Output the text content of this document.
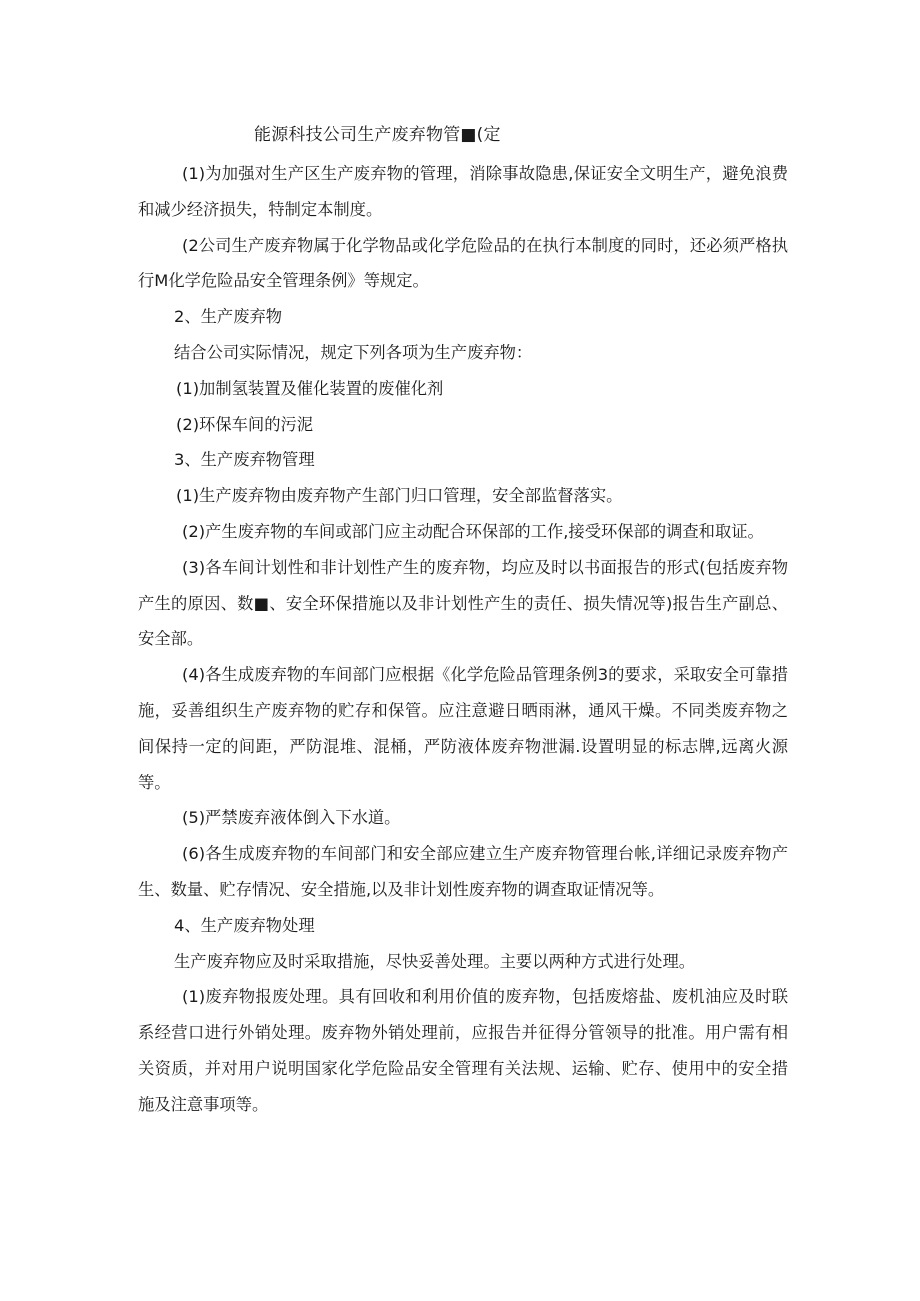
能源科技公司生产废弃物管■(定

(1)为加强对生产区生产废弃物的管理，消除事故隐患,保证安全文明生产，避免浪费和减少经济损失，特制定本制度。

(2公司生产废弃物属于化学物品或化学危险品的在执行本制度的同时，还必须严格执行M化学危险品安全管理条例》等规定。

2、生产废弃物

结合公司实际情况，规定下列各项为生产废弃物：

(1)加制氢装置及催化装置的废催化剂

(2)环保车间的污泥

3、生产废弃物管理

(1)生产废弃物由废弃物产生部门归口管理，安全部监督落实。

(2)产生废弃物的车间或部门应主动配合环保部的工作,接受环保部的调查和取证。

(3)各车间计划性和非计划性产生的废弃物，均应及时以书面报告的形式(包括废弃物产生的原因、数■、安全环保措施以及非计划性产生的责任、损失情况等)报告生产副总、安全部。

(4)各生成废弃物的车间部门应根据《化学危险品管理条例3的要求，采取安全可靠措施，妥善组织生产废弃物的贮存和保管。应注意避日晒雨淋，通风干燥。不同类废弃物之间保持一定的间距，严防混堆、混桶，严防液体废弃物泄漏.设置明显的标志牌,远离火源等。

(5)严禁废弃液体倒入下水道。

(6)各生成废弃物的车间部门和安全部应建立生产废弃物管理台帐,详细记录废弃物产生、数量、贮存情况、安全措施,以及非计划性废弃物的调查取证情况等。

4、生产废弃物处理

生产废弃物应及时采取措施，尽快妥善处理。主要以两种方式进行处理。

(1)废弃物报废处理。具有回收和利用价值的废弃物，包括废熔盐、废机油应及时联系经营口进行外销处理。废弃物外销处理前，应报告并征得分管领导的批准。用户需有相关资质，并对用户说明国家化学危险品安全管理有关法规、运输、贮存、使用中的安全措施及注意事项等。
